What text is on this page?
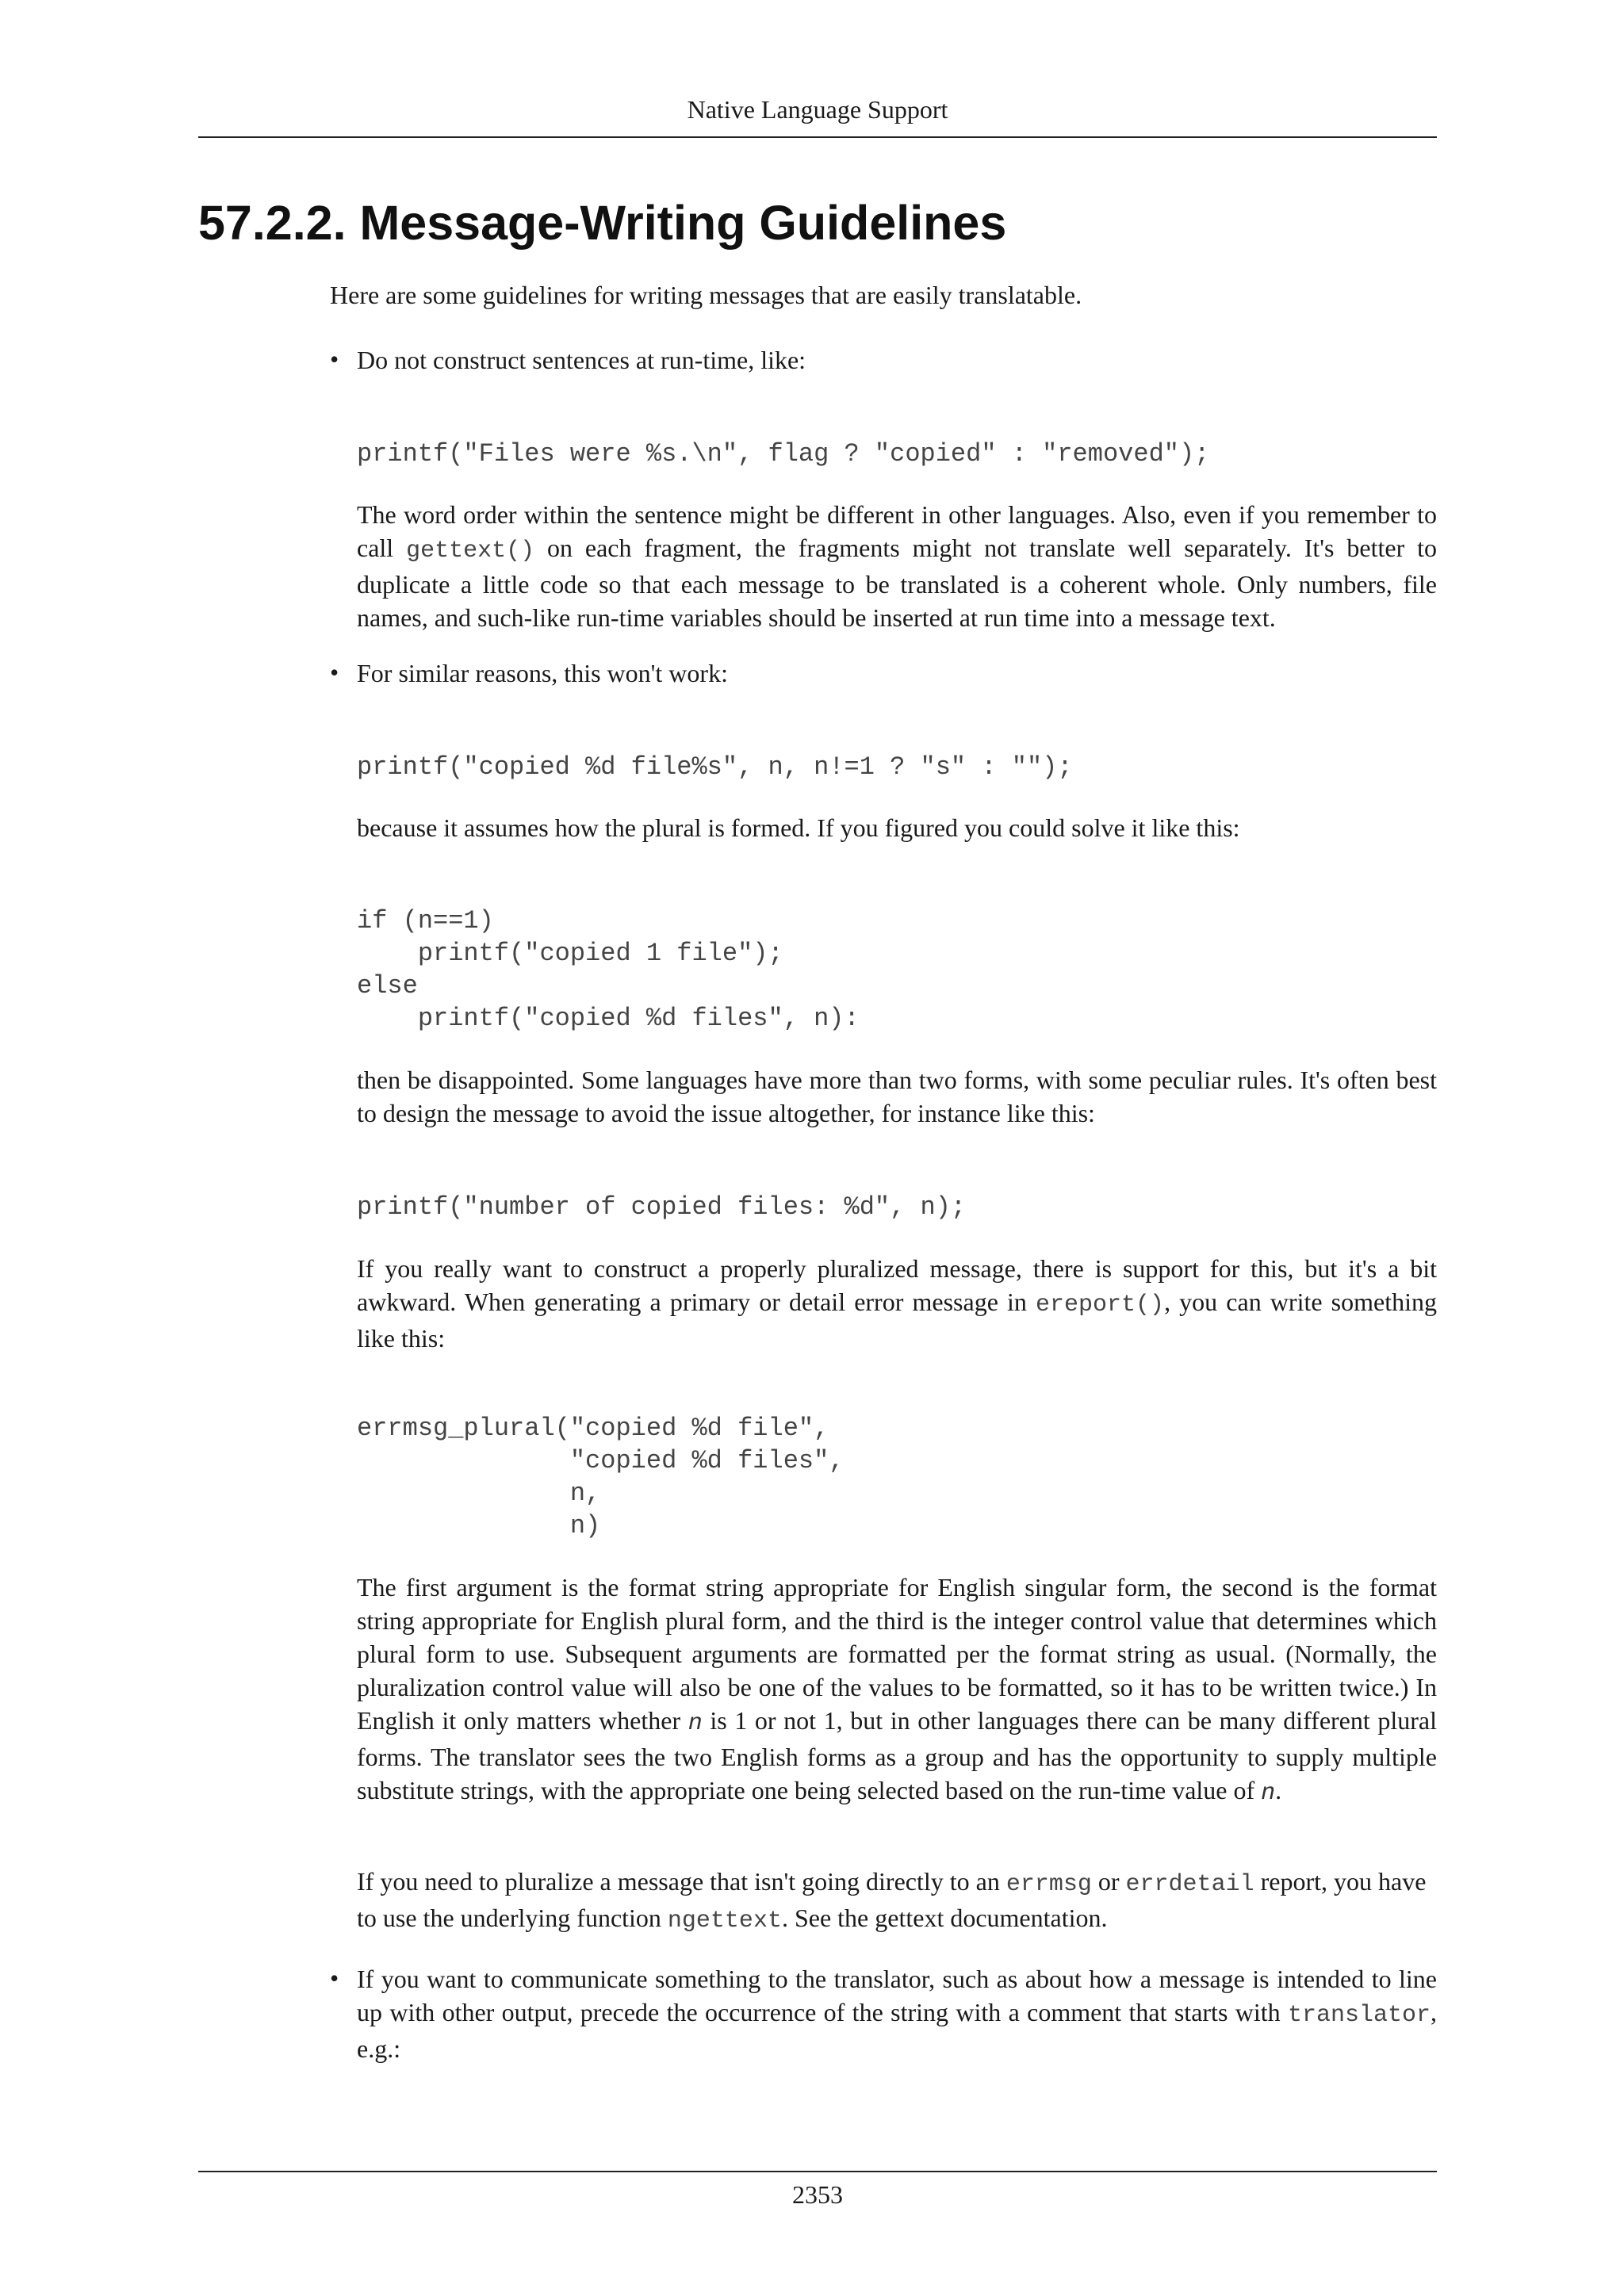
Native Language Support
57.2.2. Message-Writing Guidelines

Here are some guidelines for writing messages that are easily translatable.

• Do not construct sentences at run-time, like:

printf("Files were %s.\n", flag ? "copied" : "removed");

The word order within the sentence might be different in other languages. Also, even if you remember to call gettext() on each fragment, the fragments might not translate well separately. It's better to duplicate a little code so that each message to be translated is a coherent whole. Only numbers, file names, and such-like run-time variables should be inserted at run time into a message text.

• For similar reasons, this won't work:

printf("copied %d file%s", n, n!=1 ? "s" : "");

because it assumes how the plural is formed. If you figured you could solve it like this:

if (n==1)
printf("copied 1 file");
else
printf("copied %d files", n):

then be disappointed. Some languages have more than two forms, with some peculiar rules. It's often best to design the message to avoid the issue altogether, for instance like this:

printf("number of copied files: %d", n);

If you really want to construct a properly pluralized message, there is support for this, but it's a bit awkward. When generating a primary or detail error message in ereport(), you can write something like this:

errmsg_plural("copied %d file",
"copied %d files",
n,
n)

The first argument is the format string appropriate for English singular form, the second is the format string appropriate for English plural form, and the third is the integer control value that determines which plural form to use. Subsequent arguments are formatted per the format string as usual. (Normally, the pluralization control value will also be one of the values to be formatted, so it has to be written twice.) In English it only matters whether n is 1 or not 1, but in other languages there can be many different plural forms. The translator sees the two English forms as a group and has the opportunity to supply multiple substitute strings, with the appropriate one being selected based on the run-time value of n.

If you need to pluralize a message that isn't going directly to an errmsg or errdetail report, you have to use the underlying function ngettext. See the gettext documentation.

• If you want to communicate something to the translator, such as about how a message is intended to line up with other output, precede the occurrence of the string with a comment that starts with translator, e.g.:

2353
